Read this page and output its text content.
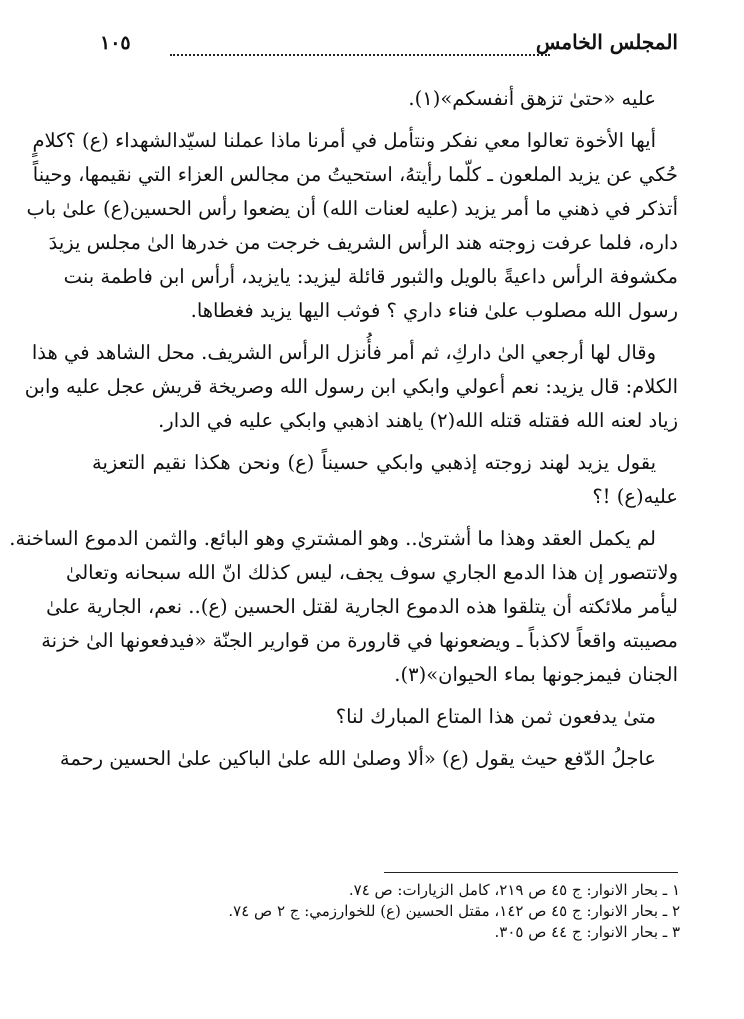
المجلس الخامس
١٠٥
عليه «حتىٰ تزهق أنفسكم»(١).
أيها الأخوة تعالوا معي نفكر ونتأمل في أمرنا ماذا عملنا لسيّدالشهداء (ع) ؟كلامٍ
حُكي عن يزيد الملعون ـ كلّما رأيتهُ، استحيتُ من مجالس العزاء التي نقيمها، وحيناً
أتذكر في ذهني ما أمر يزيد (عليه لعنات الله) أن يضعوا رأس الحسين(ع) علىٰ باب
داره، فلما عرفت زوجته هند الرأس الشريف خرجت من خدرها الىٰ مجلس يزيدَ
مكشوفة الرأس داعيةً بالويل والثبور قائلة ليزيد: يايزيد، أرأس ابن فاطمة بنت
رسول الله مصلوب علىٰ فناء داري ؟ فوثب اليها يزيد فغطاها.
وقال لها أرجعي الىٰ داركِ، ثم أمر فأُنزل الرأس الشريف. محل الشاهد في هذا
الكلام: قال يزيد: نعم أعولي وابكي ابن رسول الله وصريخة قريش عجل عليه وابن
زياد لعنه الله فقتله قتله الله(٢) ياهند اذهبي وابكي عليه في الدار.
يقول يزيد لهند زوجته إذهبي وابكي حسيناً (ع) ونحن هكذا نقيم التعزية
عليه(ع) !؟
لم يكمل العقد وهذا ما أشترىٰ.. وهو المشتري وهو البائع. والثمن الدموع الساخنة.
ولاتتصور إن هذا الدمع الجاري سوف يجف، ليس كذلك انّ الله سبحانه وتعالىٰ
ليأمر ملائكته أن يتلقوا هذه الدموع الجارية لقتل الحسين (ع).. نعم، الجارية علىٰ
مصيبته واقعاً لاكذباً ـ ويضعونها في قارورة من قوارير الجنّة «فيدفعونها الىٰ خزنة
الجنان فيمزجونها بماء الحيوان»(٣).
متىٰ يدفعون ثمن هذا المتاع المبارك لنا؟
عاجلُ الدّفع حيث يقول (ع) «ألا وصلىٰ الله علىٰ الباكين علىٰ الحسين رحمة
١ ـ بحار الانوار: ج ٤٥ ص ٢١٩، كامل الزيارات: ص ٧٤.
٢ ـ بحار الانوار: ج ٤٥ ص ١٤٢، مقتل الحسين (ع) للخوارزمي: ج ٢ ص ٧٤.
٣ ـ بحار الانوار: ج ٤٤ ص ٣٠٥.
